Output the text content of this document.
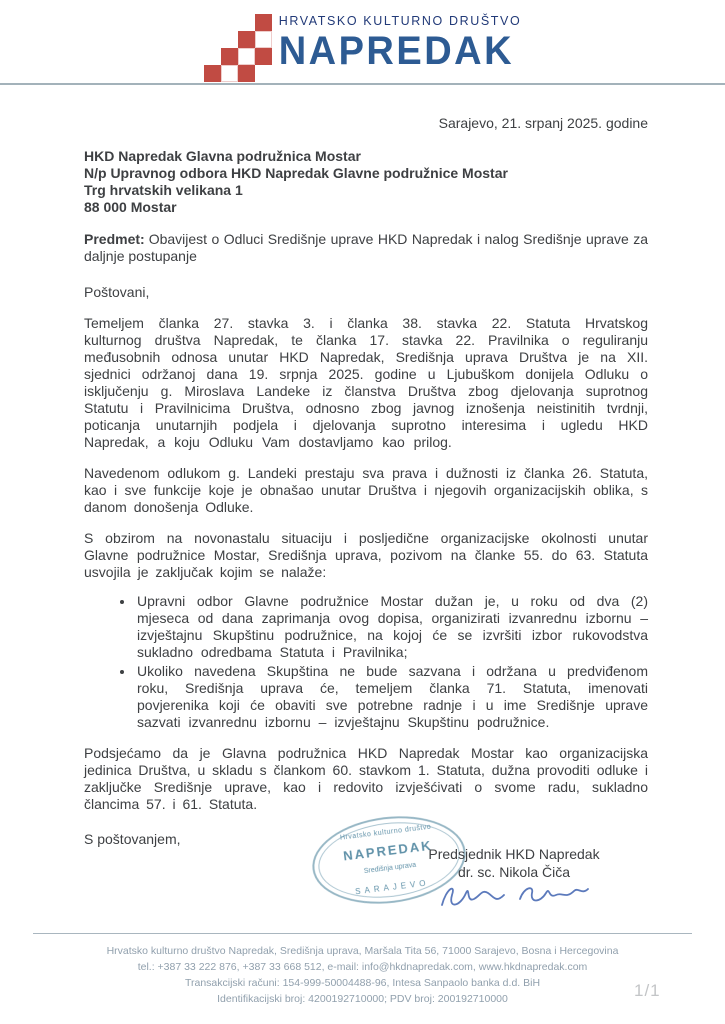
HRVATSKO KULTURNO DRUŠTVO
NAPREDAK
Sarajevo, 21. srpanj 2025. godine
HKD Napredak Glavna podružnica Mostar
N/p Upravnog odbora HKD Napredak Glavne podružnice Mostar
Trg hrvatskih velikana 1
88 000 Mostar
Predmet: Obavijest o Odluci Središnje uprave HKD Napredak i nalog Središnje uprave za daljnje postupanje
Poštovani,
Temeljem članka 27. stavka 3. i članka 38. stavka 22. Statuta Hrvatskog kulturnog društva Napredak, te članka 17. stavka 22. Pravilnika o reguliranju međusobnih odnosa unutar HKD Napredak, Središnja uprava Društva je na XII. sjednici održanoj dana 19. srpnja 2025. godine u Ljubuškom donijela Odluku o isključenju g. Miroslava Landeke iz članstva Društva zbog djelovanja suprotnog Statutu i Pravilnicima Društva, odnosno zbog javnog iznošenja neistinitih tvrdnji, poticanja unutarnjih podjela i djelovanja suprotno interesima i ugledu HKD Napredak, a koju Odluku Vam dostavljamo kao prilog.
Navedenom odlukom g. Landeki prestaju sva prava i dužnosti iz članka 26. Statuta, kao i sve funkcije koje je obnašao unutar Društva i njegovih organizacijskih oblika, s danom donošenja Odluke.
S obzirom na novonastalu situaciju i posljedične organizacijske okolnosti unutar Glavne podružnice Mostar, Središnja uprava, pozivom na članke 55. do 63. Statuta usvojila je zaključak kojim se nalaže:
• Upravni odbor Glavne podružnice Mostar dužan je, u roku od dva (2) mjeseca od dana zaprimanja ovog dopisa, organizirati izvanrednu izbornu – izvještajnu Skupštinu podružnice, na kojoj će se izvršiti izbor rukovodstva sukladno odredbama Statuta i Pravilnika;
• Ukoliko navedena Skupština ne bude sazvana i održana u predviđenom roku, Središnja uprava će, temeljem članka 71. Statuta, imenovati povjerenika koji će obaviti sve potrebne radnje i u ime Središnje uprave sazvati izvanrednu izbornu – izvještajnu Skupštinu podružnice.
Podsjećamo da je Glavna podružnica HKD Napredak Mostar kao organizacijska jedinica Društva, u skladu s člankom 60. stavkom 1. Statuta, dužna provoditi odluke i zaključke Središnje uprave, kao i redovito izvješćivati o svome radu, sukladno člancima 57. i 61. Statuta.
S poštovanjem,	Hrvatsko kulturno društvo
NAPREDAK
Središnja uprava
SARAJEVO
Predsjednik HKD Napredak
dr. sc. Nikola Čiča
Hrvatsko kulturno društvo Napredak, Središnja uprava, Maršala Tita 56, 71000 Sarajevo, Bosna i Hercegovina
tel.: +387 33 222 876, +387 33 668 512, e-mail: info@hkdnapredak.com, www.hkdnapredak.com
Transakcijski računi: 154-999-50004488-96, Intesa Sanpaolo banka d.d. BiH
Identifikacijski broj: 4200192710000; PDV broj: 200192710000	1/1
